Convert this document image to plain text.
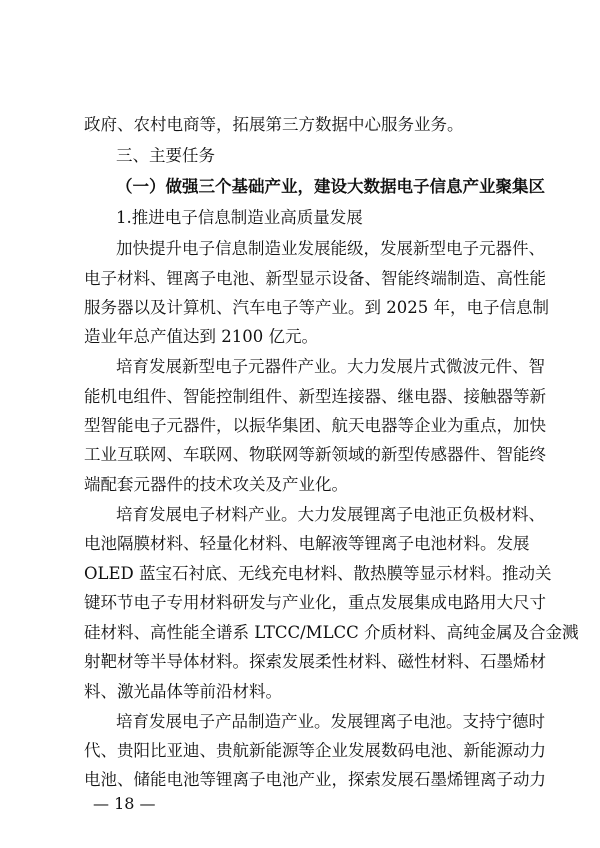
政府、农村电商等，拓展第三方数据中心服务业务。
三、主要任务
（一）做强三个基础产业，建设大数据电子信息产业聚集区
1.推进电子信息制造业高质量发展
加快提升电子信息制造业发展能级，发展新型电子元器件、
电子材料、锂离子电池、新型显示设备、智能终端制造、高性能
服务器以及计算机、汽车电子等产业。到 2025 年，电子信息制
造业年总产值达到 2100 亿元。
培育发展新型电子元器件产业。大力发展片式微波元件、智
能机电组件、智能控制组件、新型连接器、继电器、接触器等新
型智能电子元器件，以振华集团、航天电器等企业为重点，加快
工业互联网、车联网、物联网等新领域的新型传感器件、智能终
端配套元器件的技术攻关及产业化。
培育发展电子材料产业。大力发展锂离子电池正负极材料、
电池隔膜材料、轻量化材料、电解液等锂离子电池材料。发展
OLED 蓝宝石衬底、无线充电材料、散热膜等显示材料。推动关
键环节电子专用材料研发与产业化，重点发展集成电路用大尺寸
硅材料、高性能全谱系 LTCC/MLCC 介质材料、高纯金属及合金溅
射靶材等半导体材料。探索发展柔性材料、磁性材料、石墨烯材
料、激光晶体等前沿材料。
培育发展电子产品制造产业。发展锂离子电池。支持宁德时
代、贵阳比亚迪、贵航新能源等企业发展数码电池、新能源动力
电池、储能电池等锂离子电池产业，探索发展石墨烯锂离子动力
— 18 —
